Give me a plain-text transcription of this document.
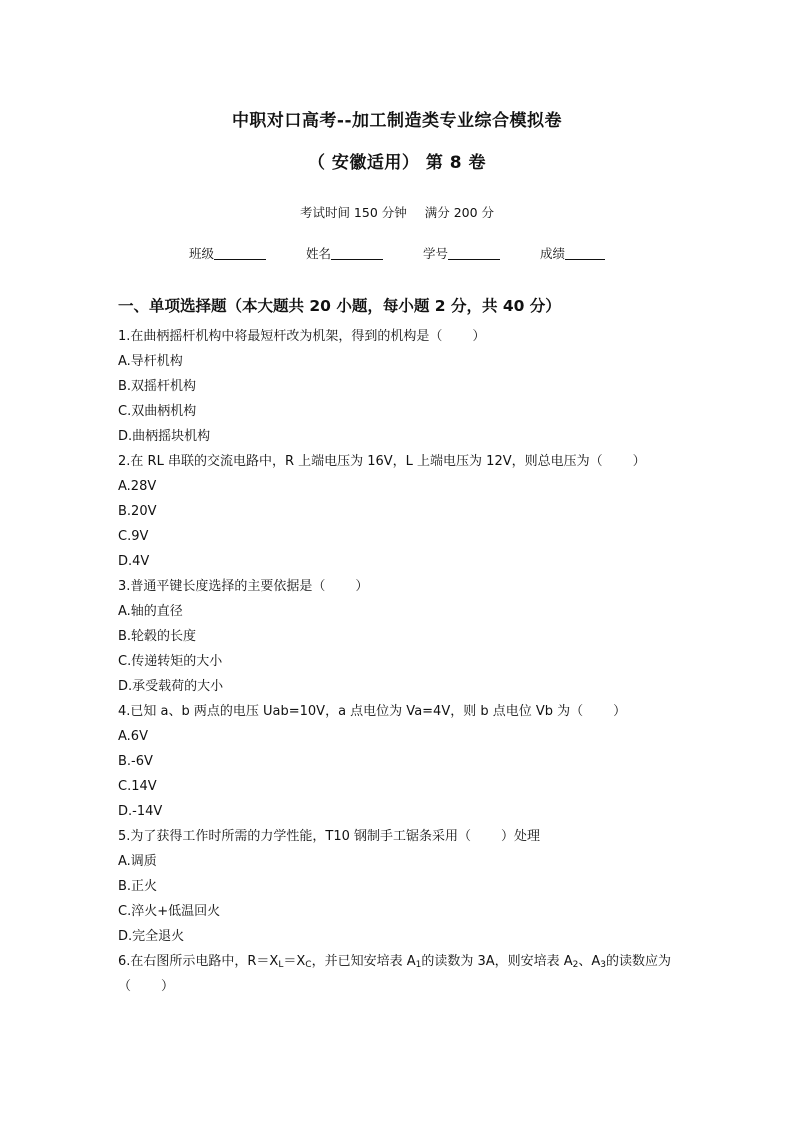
中职对口高考--加工制造类专业综合模拟卷
（ 安徽适用） 第 8 卷
考试时间 150 分钟 满分 200 分
班级	姓名	学号	成绩
一、单项选择题（本大题共 20 小题，每小题 2 分，共 40 分）
1.在曲柄摇杆机构中将最短杆改为机架，得到的机构是（ ）
A.导杆机构
B.双摇杆机构
C.双曲柄机构
D.曲柄摇块机构
2.在 RL 串联的交流电路中，R 上端电压为 16V，L 上端电压为 12V，则总电压为（ ）
A.28V
B.20V
C.9V
D.4V
3.普通平键长度选择的主要依据是（ ）
A.轴的直径
B.轮毂的长度
C.传递转矩的大小
D.承受载荷的大小
4.已知 a、b 两点的电压 Uab=10V，a 点电位为 Va=4V，则 b 点电位 Vb 为（ ）
A.6V
B.-6V
C.14V
D.-14V
5.为了获得工作时所需的力学性能，T10 钢制手工锯条采用（ ）处理
A.调质
B.正火
C.淬火+低温回火
D.完全退火
6.在右图所示电路中，$R=X_L=X_C$，并已知安培表 $A_1$的读数为 3A，则安培表 $A_2$、$A_3$的读数应为（ ）
